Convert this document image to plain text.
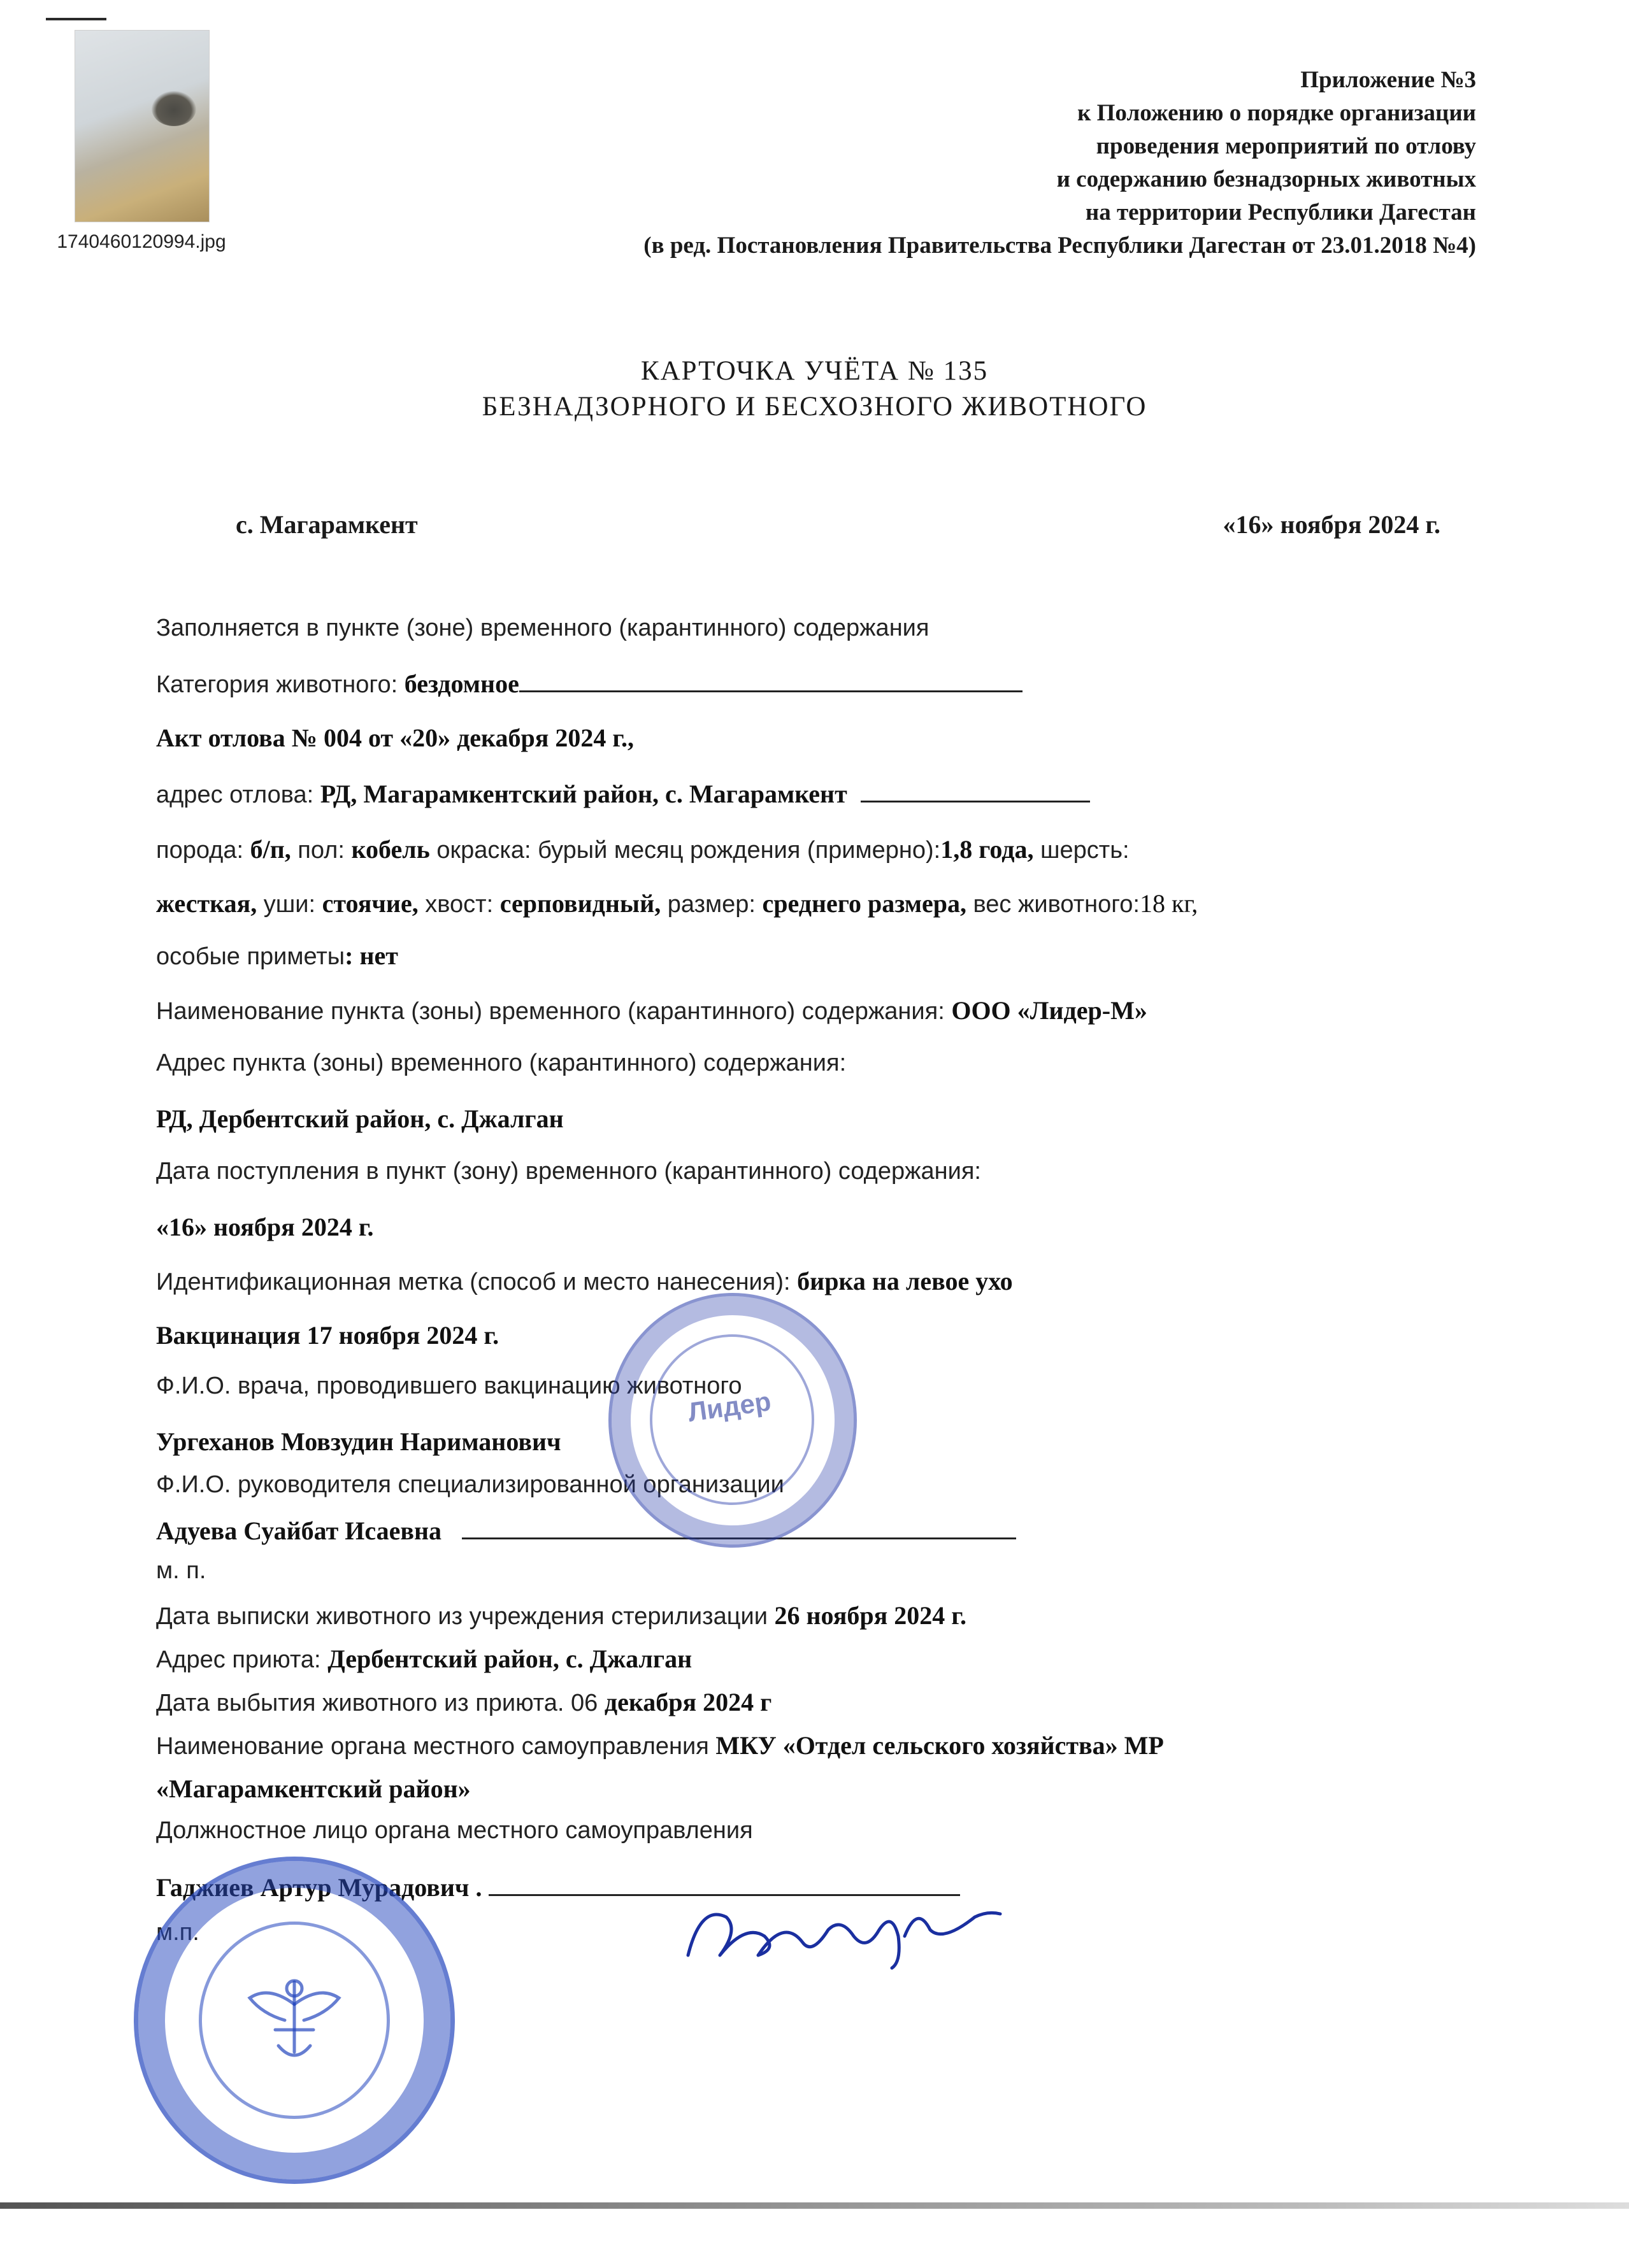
1740460120994.jpg
Приложение №3
к Положению о порядке организации
проведения мероприятий по отлову
и содержанию безнадзорных животных
на территории Республики Дагестан
(в ред. Постановления Правительства Республики Дагестан от 23.01.2018 №4)
КАРТОЧКА УЧЁТА № 135
БЕЗНАДЗОРНОГО И БЕСХОЗНОГО ЖИВОТНОГО
с. Магарамкент	«16» ноября 2024 г.
Заполняется в пункте (зоне) временного (карантинного) содержания
Категория животного: бездомное
Акт отлова № 004 от «20» декабря 2024 г.,
адрес отлова: РД, Магарамкентский район, с. Магарамкент
порода: б/п, пол: кобель окраска: бурый месяц рождения (примерно):1,8 года, шерсть:
жесткая, уши: стоячие, хвост: серповидный, размер: среднего размера, вес животного:18 кг,
особые приметы: нет
Наименование пункта (зоны) временного (карантинного) содержания: ООО «Лидер-М»
Адрес пункта (зоны) временного (карантинного) содержания:
РД, Дербентский район, с. Джалган
Дата поступления в пункт (зону) временного (карантинного) содержания:
«16» ноября 2024 г.
Идентификационная метка (способ и место нанесения): бирка на левое ухо
Вакцинация 17 ноября 2024 г.
Ф.И.О. врача, проводившего вакцинацию животного
Ургеханов Мовзудин Нариманович
Ф.И.О. руководителя специализированной организации
Адуева Суайбат Исаевна
м. п.
Дата выписки животного из учреждения стерилизации 26 ноября 2024 г.
Адрес приюта: Дербентский район, с. Джалган
Дата выбытия животного из приюта. 06 декабря 2024 г
Наименование органа местного самоуправления МКУ «Отдел сельского хозяйства» МР
«Магарамкентский район»
Должностное лицо органа местного самоуправления
Гаджиев Артур Мурадович .
м.п.
Лидер
